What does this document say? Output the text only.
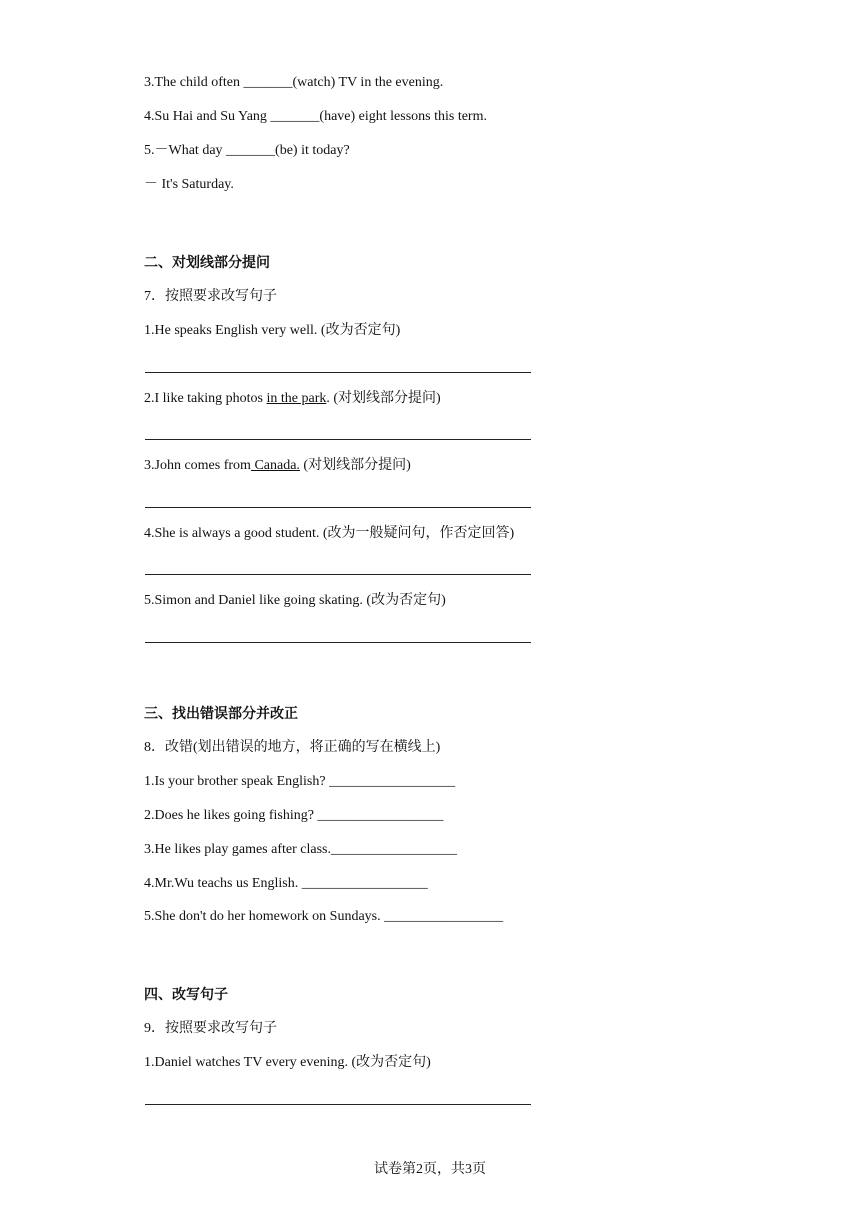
3.The child often _______(watch) TV in the evening.
4.Su Hai and Su Yang _______(have) eight lessons this term.
5.－What day _______(be) it today?
－ It's Saturday.
二、对划线部分提问
7．按照要求改写句子
1.He speaks English very well. (改为否定句)
2.I like taking photos in the park. (对划线部分提问)
3.John comes from Canada. (对划线部分提问)
4.She is always a good student. (改为一般疑问句，作否定回答)
5.Simon and Daniel like going skating. (改为否定句)
三、找出错误部分并改正
8．改错(划出错误的地方，将正确的写在横线上)
1.Is your brother speak English? __________________
2.Does he likes going fishing? __________________
3.He likes play games after class.__________________
4.Mr.Wu teachs us English. __________________
5.She don't do her homework on Sundays. _________________
四、改写句子
9．按照要求改写句子
1.Daniel watches TV every evening. (改为否定句)
试卷第2页，共3页
